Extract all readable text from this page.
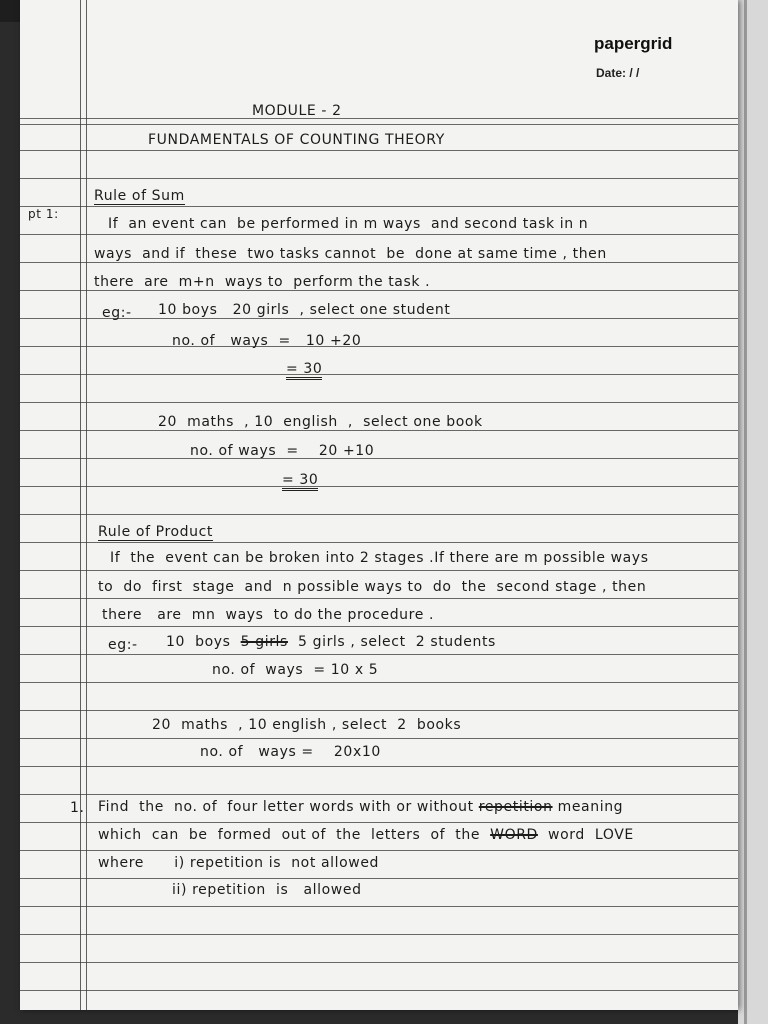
papergrid
Date: / /
MODULE - 2
FUNDAMENTALS OF COUNTING THEORY
pt 1:
Rule of Sum
If  an event can  be performed in m ways  and second task in n
ways  and if  these  two tasks cannot  be  done at same time , then
there  are  m+n  ways to  perform the task .
eg:- 10 boys   20 girls  , select one student
no. of   ways  =   10 +20
= 30
20  maths  , 10  english  ,  select one book
no. of ways  =    20 +10
= 30
Rule of Product
If  the  event can be broken into 2 stages .If there are m possible ways
to  do  first  stage  and  n possible ways to  do  the  second stage , then
there   are  mn  ways  to do the procedure .
eg:- 10  boys  5 girls  5 girls , select  2 students
no. of  ways  = 10 x 5
20  maths  , 10 english , select  2  books
no. of   ways =    20x10
1. Find  the  no. of  four letter words with or without repetition meaning
which  can  be  formed  out of  the  letters  of  the  WORD  word  LOVE
where      i) repetition is  not allowed
ii) repetition  is   allowed
